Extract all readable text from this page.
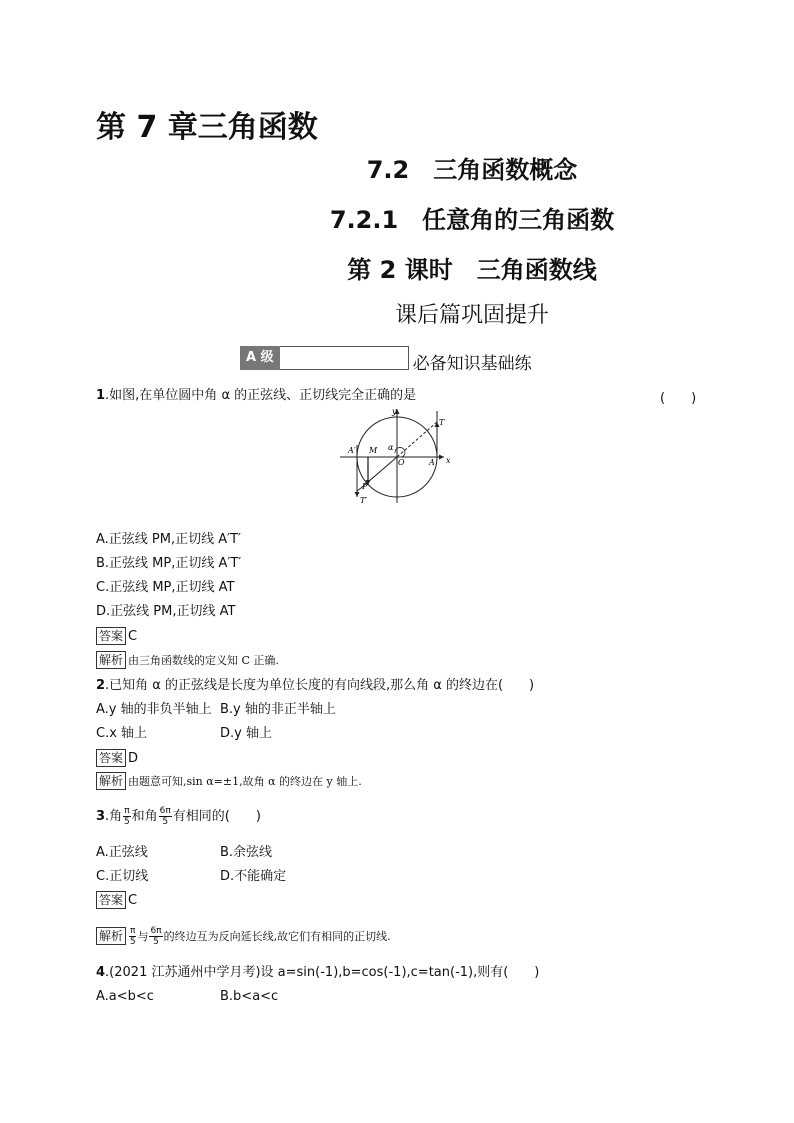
第 7 章三角函数
7.2　三角函数概念
7.2.1　任意角的三角函数
第 2 课时　三角函数线
课后篇巩固提升
A 级	必备知识基础练
1.如图,在单位圆中角 α 的正弦线、正切线完全正确的是	(　　)
y
x
T
A′ M α
O	A
P
T′
A.正弦线 PM,正切线 A′T′
B.正弦线 MP,正切线 A′T′
C.正弦线 MP,正切线 AT
D.正弦线 PM,正切线 AT
答案 C
解析 由三角函数线的定义知 C 正确.
2.已知角 α 的正弦线是长度为单位长度的有向线段,那么角 α 的终边在(　　)
A.y 轴的非负半轴上 B.y 轴的非正半轴上
C.x 轴上	D.y 轴上
答案 D
解析 由题意可知,sin α=±1,故角 α 的终边在 y 轴上.
3.角 $\frac{\pi}{5}$ 和角 $\frac{6\pi}{5}$ 有相同的(　　)
A.正弦线	B.余弦线
C.正切线	D.不能确定
答案 C
解析 $\frac{\pi}{5}$ 与 $\frac{6\pi}{5}$ 的终边互为反向延长线,故它们有相同的正切线.
4.(2021 江苏通州中学月考)设 a=sin(-1),b=cos(-1),c=tan(-1),则有(　　)
A.a<b<c	B.b<a<c
